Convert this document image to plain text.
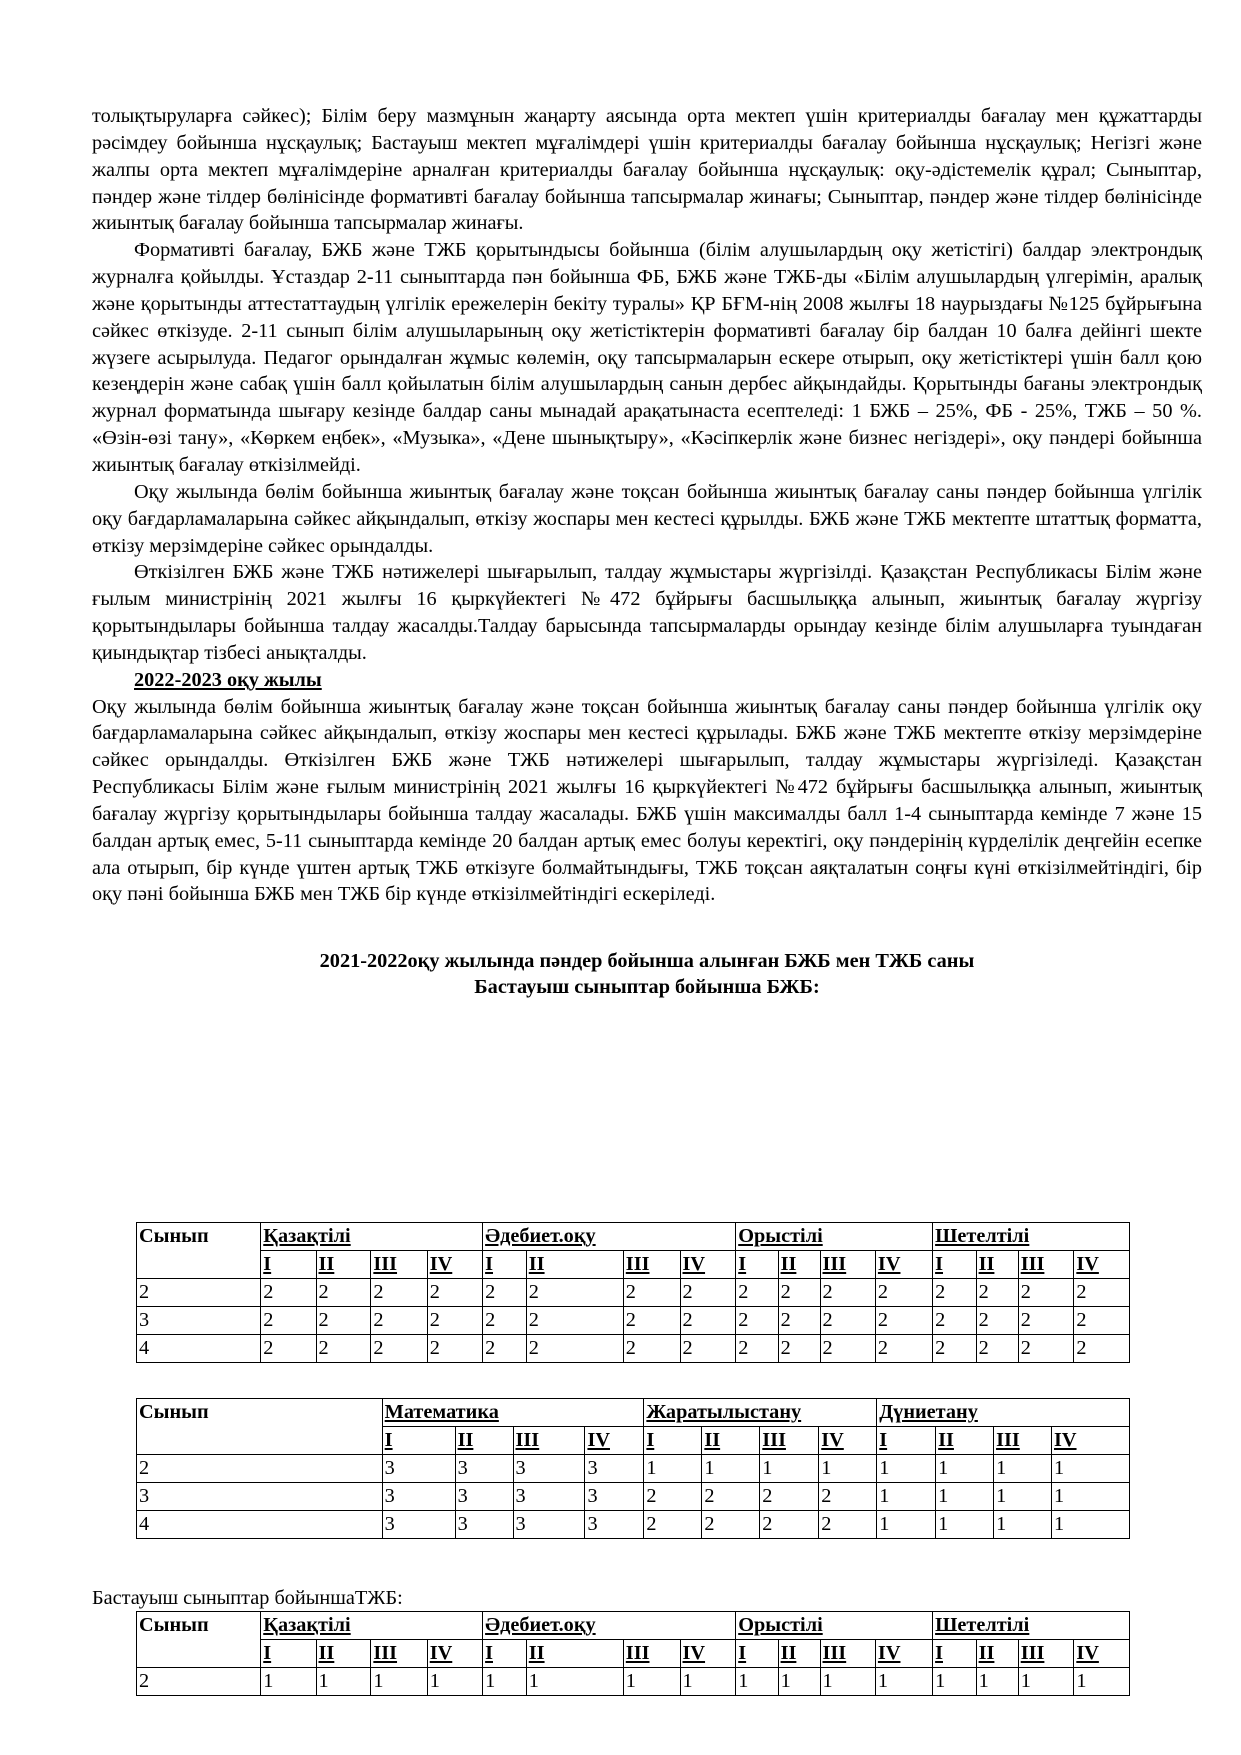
толықтыруларға сәйкес); Білім беру мазмұнын жаңарту аясында орта мектеп үшін критериалды бағалау мен құжаттарды рәсімдеу бойынша нұсқаулық; Бастауыш мектеп мұғалімдері үшін критериалды бағалау бойынша нұсқаулық; Негізгі және жалпы орта мектеп мұғалімдеріне арналған критериалды бағалау бойынша нұсқаулық: оқу-әдістемелік құрал; Сыныптар, пәндер және тілдер бөлінісінде формативті бағалау бойынша тапсырмалар жинағы; Сыныптар, пәндер және тілдер бөлінісінде жиынтық бағалау бойынша тапсырмалар жинағы.

Формативті бағалау, БЖБ және ТЖБ қорытындысы бойынша (білім алушылардың оқу жетістігі) балдар электрондық журналға қойылды. Ұстаздар 2-11 сыныптарда пән бойынша ФБ, БЖБ және ТЖБ-ды «Білім алушылардың үлгерімін, аралық және қорытынды аттестаттаудың үлгілік ережелерін бекіту туралы» ҚР БҒМ-нің 2008 жылғы 18 наурыздағы №125 бұйрығына сәйкес өткізуде. 2-11 сынып білім алушыларының оқу жетістіктерін формативті бағалау бір балдан 10 балға дейінгі шекте жүзеге асырылуда. Педагог орындалған жұмыс көлемін, оқу тапсырмаларын ескере отырып, оқу жетістіктері үшін балл қою кезеңдерін және сабақ үшін балл қойылатын білім алушылардың санын дербес айқындайды. Қорытынды бағаны электрондық журнал форматында шығару кезінде балдар саны мынадай арақатынаста есептеледі: 1 БЖБ – 25%, ФБ - 25%, ТЖБ – 50 %. «Өзін-өзі тану», «Көркем еңбек», «Музыка», «Дене шынықтыру», «Кәсіпкерлік және бизнес негіздері», оқу пәндері бойынша жиынтық бағалау өткізілмейді.

Оқу жылында бөлім бойынша жиынтық бағалау және тоқсан бойынша жиынтық бағалау саны пәндер бойынша үлгілік оқу бағдарламаларына сәйкес айқындалып, өткізу жоспары мен кестесі құрылды. БЖБ және ТЖБ мектепте штаттық форматта, өткізу мерзімдеріне сәйкес орындалды.

Өткізілген БЖБ және ТЖБ нәтижелері шығарылып, талдау жұмыстары жүргізілді. Қазақстан Республикасы Білім және ғылым министрінің 2021 жылғы 16 қыркүйектегі №472 бұйрығы басшылыққа алынып, жиынтық бағалау жүргізу қорытындылары бойынша талдау жасалды.Талдау барысында тапсырмаларды орындау кезінде білім алушыларға туындаған қиындықтар тізбесі анықталды.

2022-2023 оқу жылы

Оқу жылында бөлім бойынша жиынтық бағалау және тоқсан бойынша жиынтық бағалау саны пәндер бойынша үлгілік оқу бағдарламаларына сәйкес айқындалып, өткізу жоспары мен кестесі құрылады. БЖБ және ТЖБ мектепте өткізу мерзімдеріне сәйкес орындалды. Өткізілген БЖБ және ТЖБ нәтижелері шығарылып, талдау жұмыстары жүргізіледі. Қазақстан Республикасы Білім және ғылым министрінің 2021 жылғы 16 қыркүйектегі №472 бұйрығы басшылыққа алынып, жиынтық бағалау жүргізу қорытындылары бойынша талдау жасалады. БЖБ үшін максималды балл 1-4 сыныптарда кемінде 7 және 15 балдан артық емес, 5-11 сыныптарда кемінде 20 балдан артық емес болуы керектігі, оқу пәндерінің күрделілік деңгейін есепке ала отырып, бір күнде үштен артық ТЖБ өткізуге болмайтындығы, ТЖБ тоқсан аяқталатын соңғы күні өткізілмейтіндігі, бір оқу пәні бойынша БЖБ мен ТЖБ бір күнде өткізілмейтіндігі ескеріледі.

2021-2022оқу жылында пәндер бойынша алынған БЖБ мен ТЖБ саны
Бастауыш сыныптар бойынша БЖБ:
Сынып	Қазақтілі				Әдебиет.оқу				Орыстілі				Шетелтілі			
	I	II	III	IV	I	II	III	IV	I	II	III	IV	I	II	III	IV
2	2	2	2	2	2	2	2	2	2	2	2	2	2	2	2	2
3	2	2	2	2	2	2	2	2	2	2	2	2	2	2	2	2
4	2	2	2	2	2	2	2	2	2	2	2	2	2	2	2	2
Сынып	Математика				Жаратылыстану				Дүниетану			
	I	II	III	IV	I	II	III	IV	I	II	III	IV
2	3	3	3	3	1	1	1	1	1	1	1	1
3	3	3	3	3	2	2	2	2	1	1	1	1
4	3	3	3	3	2	2	2	2	1	1	1	1
Бастауыш сыныптар бойыншаТЖБ:
Сынып	Қазақтілі				Әдебиет.оқу				Орыстілі				Шетелтілі			
	I	II	III	IV	I	II	III	IV	I	II	III	IV	I	II	III	IV
2	1	1	1	1	1	1	1	1	1	1	1	1	1	1	1	1
